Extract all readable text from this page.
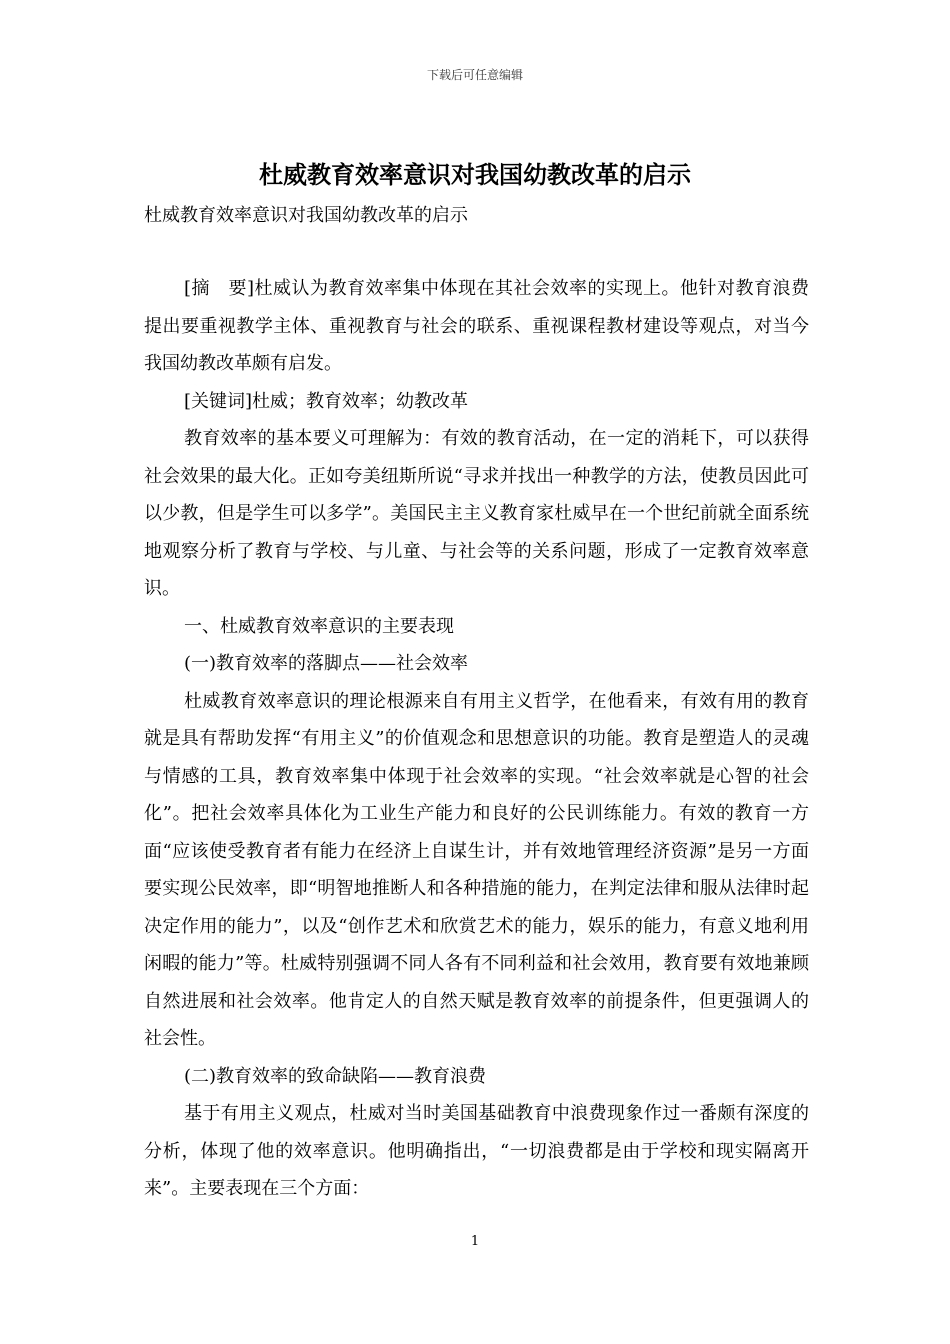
下载后可任意编辑
杜威教育效率意识对我国幼教改革的启示

杜威教育效率意识对我国幼教改革的启示

[摘　要]杜威认为教育效率集中体现在其社会效率的实现上。他针对教育浪费提出要重视教学主体、重视教育与社会的联系、重视课程教材建设等观点，对当今我国幼教改革颇有启发。

[关键词]杜威；教育效率；幼教改革

教育效率的基本要义可理解为：有效的教育活动，在一定的消耗下，可以获得社会效果的最大化。正如夸美纽斯所说“寻求并找出一种教学的方法，使教员因此可以少教，但是学生可以多学”。美国民主主义教育家杜威早在一个世纪前就全面系统地观察分析了教育与学校、与儿童、与社会等的关系问题，形成了一定教育效率意识。

一、杜威教育效率意识的主要表现

(一)教育效率的落脚点——社会效率

杜威教育效率意识的理论根源来自有用主义哲学，在他看来，有效有用的教育就是具有帮助发挥“有用主义”的价值观念和思想意识的功能。教育是塑造人的灵魂与情感的工具，教育效率集中体现于社会效率的实现。“社会效率就是心智的社会化”。把社会效率具体化为工业生产能力和良好的公民训练能力。有效的教育一方面“应该使受教育者有能力在经济上自谋生计，并有效地管理经济资源”是另一方面要实现公民效率，即“明智地推断人和各种措施的能力，在判定法律和服从法律时起决定作用的能力”，以及“创作艺术和欣赏艺术的能力，娱乐的能力，有意义地利用闲暇的能力”等。杜威特别强调不同人各有不同利益和社会效用，教育要有效地兼顾自然进展和社会效率。他肯定人的自然天赋是教育效率的前提条件，但更强调人的社会性。

(二)教育效率的致命缺陷——教育浪费

基于有用主义观点，杜威对当时美国基础教育中浪费现象作过一番颇有深度的分析，体现了他的效率意识。他明确指出，“一切浪费都是由于学校和现实隔离开来”。主要表现在三个方面：

1
